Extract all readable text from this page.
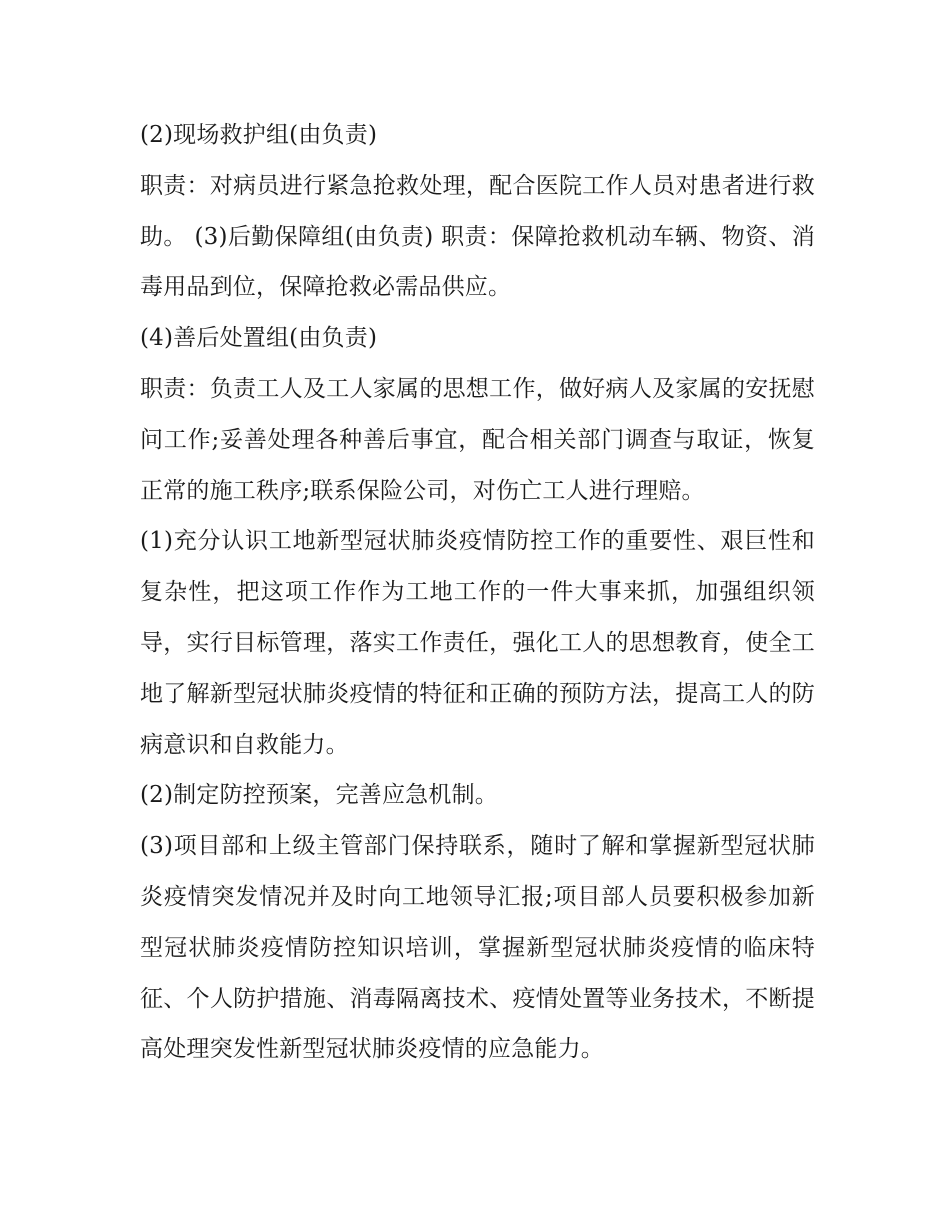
(2)现场救护组(由负责)

职责：对病员进行紧急抢救处理，配合医院工作人员对患者进行救助。 (3)后勤保障组(由负责) 职责：保障抢救机动车辆、物资、消毒用品到位，保障抢救必需品供应。

(4)善后处置组(由负责)

职责：负责工人及工人家属的思想工作，做好病人及家属的安抚慰问工作;妥善处理各种善后事宜，配合相关部门调查与取证，恢复正常的施工秩序;联系保险公司，对伤亡工人进行理赔。

(1)充分认识工地新型冠状肺炎疫情防控工作的重要性、艰巨性和复杂性，把这项工作作为工地工作的一件大事来抓，加强组织领导，实行目标管理，落实工作责任，强化工人的思想教育，使全工地了解新型冠状肺炎疫情的特征和正确的预防方法，提高工人的防病意识和自救能力。

(2)制定防控预案，完善应急机制。

(3)项目部和上级主管部门保持联系，随时了解和掌握新型冠状肺炎疫情突发情况并及时向工地领导汇报;项目部人员要积极参加新型冠状肺炎疫情防控知识培训，掌握新型冠状肺炎疫情的临床特征、个人防护措施、消毒隔离技术、疫情处置等业务技术，不断提高处理突发性新型冠状肺炎疫情的应急能力。
